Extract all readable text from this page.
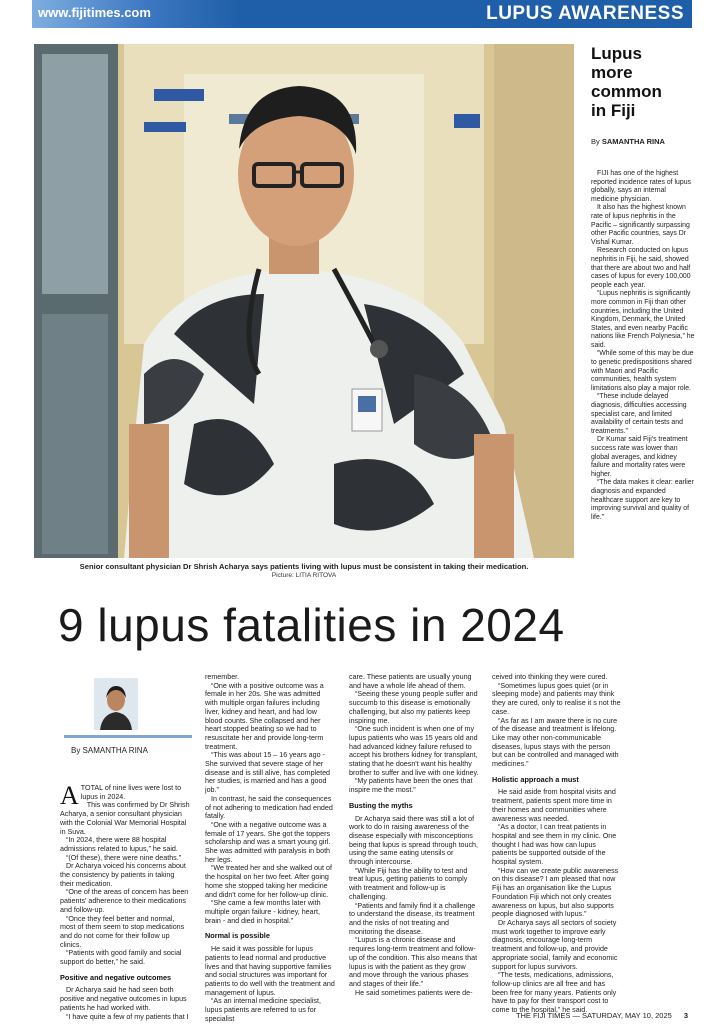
www.fijitimes.com	LUPUS AWARENESS
Senior consultant physician Dr Shrish Acharya says patients living with lupus must be consistent in taking their medication.
Picture: LITIA RITOVA
Lupus
more
common
in Fiji
By SAMANTHA RINA

FIJI has one of the highest reported incidence rates of lupus globally, says an internal medicine physician.

It also has the highest known rate of lupus nephritis in the Pacific – significantly surpassing other Pacific countries, says Dr Vishal Kumar.

Research conducted on lupus nephritis in Fiji, he said, showed that there are about two and half cases of lupus for every 100,000 people each year.

“Lupus nephritis is significantly more common in Fiji than other countries, including the United Kingdom, Denmark, the United States, and even nearby Pacific nations like French Polynesia,” he said.

“While some of this may be due to genetic predispositions shared with Maori and Pacific communities, health system limitations also play a major role.

“These include delayed diagnosis, difficulties accessing specialist care, and limited availability of certain tests and treatments.”

Dr Kumar said Fiji's treatment success rate was lower than global averages, and kidney failure and mortality rates were higher.

“The data makes it clear: earlier diagnosis and expanded healthcare support are key to improving survival and quality of life.”

9 lupus fatalities in 2024
By SAMANTHA RINA

ATOTAL of nine lives were lost to lupus in 2024.

This was confirmed by Dr Shrish Acharya, a senior consultant physician with the Colonial War Memorial Hospital in Suva.

“In 2024, there were 88 hospital admissions related to lupus,” he said.

“(Of these), there were nine deaths.”

Dr Acharya voiced his concerns about the consistency by patients in taking their medication.

“One of the areas of concern has been patients' adherence to their medications and follow-up.

“Once they feel better and normal, most of them seem to stop medications and do not come for their follow up clinics.

“Patients with good family and social support do better,” he said.

Positive and negative outcomes

Dr Acharya said he had seen both positive and negative outcomes in lupus patients he had worked with.

“I have quite a few of my patients that I

remember.

“One with a positive outcome was a female in her 20s. She was admitted with multiple organ failures including liver, kidney and heart, and had low blood counts. She collapsed and her heart stopped beating so we had to resuscitate her and provide long-term treatment.

“This was about 15 – 16 years ago - She survived that severe stage of her disease and is still alive, has completed her studies, is married and has a good job.”

In contrast, he said the consequences of not adhering to medication had ended fatally.

“One with a negative outcome was a female of 17 years. She got the toppers scholarship and was a smart young girl. She was admitted with paralysis in both her legs.

“We treated her and she walked out of the hospital on her two feet. After going home she stopped taking her medicine and didn't come for her follow-up clinic.

“She came a few months later with multiple organ failure - kidney, heart, brain - and died in hospital.”

Normal is possible

He said it was possible for lupus patients to lead normal and productive lives and that having supportive families and social structures was important for patients to do well with the treatment and management of lupus.

“As an internal medicine specialist, lupus patients are referred to us for specialist

care. These patients are usually young and have a whole life ahead of them.

“Seeing these young people suffer and succumb to this disease is emotionally challenging, but also my patients keep inspiring me.

“One such incident is when one of my lupus patients who was 15 years old and had advanced kidney failure refused to accept his brothers kidney for transplant, stating that he doesn't want his healthy brother to suffer and live with one kidney.

“My patients have been the ones that inspire me the most.”

Busting the myths

Dr Acharya said there was still a lot of work to do in raising awareness of the disease especially with misconceptions being that lupus is spread through touch, using the same eating utensils or through intercourse.

“While Fiji has the ability to test and treat lupus, getting patients to comply with treatment and follow-up is challenging.

“Patients and family find it a challenge to understand the disease, its treatment and the risks of not treating and monitoring the disease.

“Lupus is a chronic disease and requires long-term treatment and follow-up of the condition. This also means that lupus is with the patient as they grow and move through the various phases and stages of their life.”

He said sometimes patients were de-

ceived into thinking they were cured.

“Sometimes lupus goes quiet (or in sleeping mode) and patients may think they are cured, only to realise it s not the case.

“As far as I am aware there is no cure of the disease and treatment is lifelong. Like may other non-communicable diseases, lupus stays with the person but can be controlled and managed with medicines.”

Holistic approach a must

He said aside from hospital visits and treatment, patients spent more time in their homes and communities where awareness was needed.

“As a doctor, I can treat patients in hospital and see them in my clinic. One thought I had was how can lupus patients be supported outside of the hospital system.

“How can we create public awareness on this disease? I am pleased that now Fiji has an organisation like the Lupus Foundation Fiji which not only creates awareness on lupus, but also supports people diagnosed with lupus.”

Dr Acharya says all sectors of society must work together to improve early diagnosis, encourage long-term treatment and follow-up, and provide appropriate social, family and economic support for lupus survivors.

“The tests, medications, admissions, follow-up clinics are all free and has been free for many years. Patients only have to pay for their transport cost to come to the hospital,” he said.

THE FIJI TIMES — SATURDAY, MAY 10, 2025 3
